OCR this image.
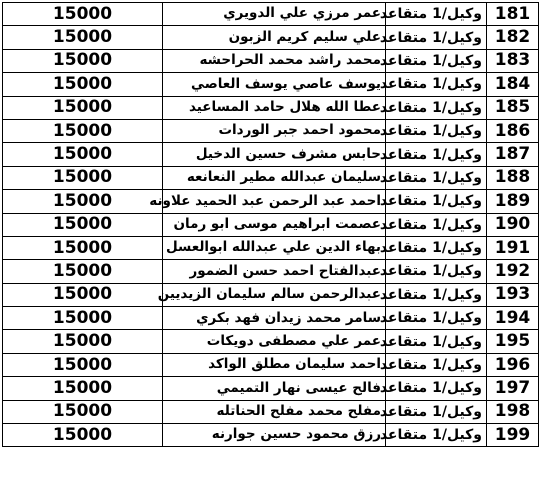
15000	عمر مرزي علي الدويري	وكيل/1 متقاعد	181
15000	علي سليم كريم الزبون	وكيل/1 متقاعد	182
15000	محمد راشد محمد الحراحشه	وكيل/1 متقاعد	183
15000	يوسف عاصي يوسف العاصي	وكيل/1 متقاعد	184
15000	عطا الله هلال حامد المساعيد	وكيل/1 متقاعد	185
15000	محمود احمد جبر الوردات	وكيل/1 متقاعد	186
15000	حابس مشرف حسين الدخيل	وكيل/1 متقاعد	187
15000	سليمان عبدالله مطير النعانعه	وكيل/1 متقاعد	188
15000	احمد عبد الرحمن عبد الحميد علاونه	وكيل/1 متقاعد	189
15000	عصمت ابراهيم موسى ابو رمان	وكيل/1 متقاعد	190
15000	بهاء الدين علي عبدالله ابوالعسل	وكيل/1 متقاعد	191
15000	عبدالفتاح احمد حسن الضمور	وكيل/1 متقاعد	192
15000	عبدالرحمن سالم سليمان الزيديين	وكيل/1 متقاعد	193
15000	سامر محمد زيدان فهد بكري	وكيل/1 متقاعد	194
15000	عمر علي مصطفى دويكات	وكيل/1 متقاعد	195
15000	احمد سليمان مطلق الواكد	وكيل/1 متقاعد	196
15000	فالح عيسى نهار التميمي	وكيل/1 متقاعد	197
15000	مفلح محمد مفلح الحناتله	وكيل/1 متقاعد	198
15000	رزق محمود حسين جوارنه	وكيل/1 متقاعد	199
